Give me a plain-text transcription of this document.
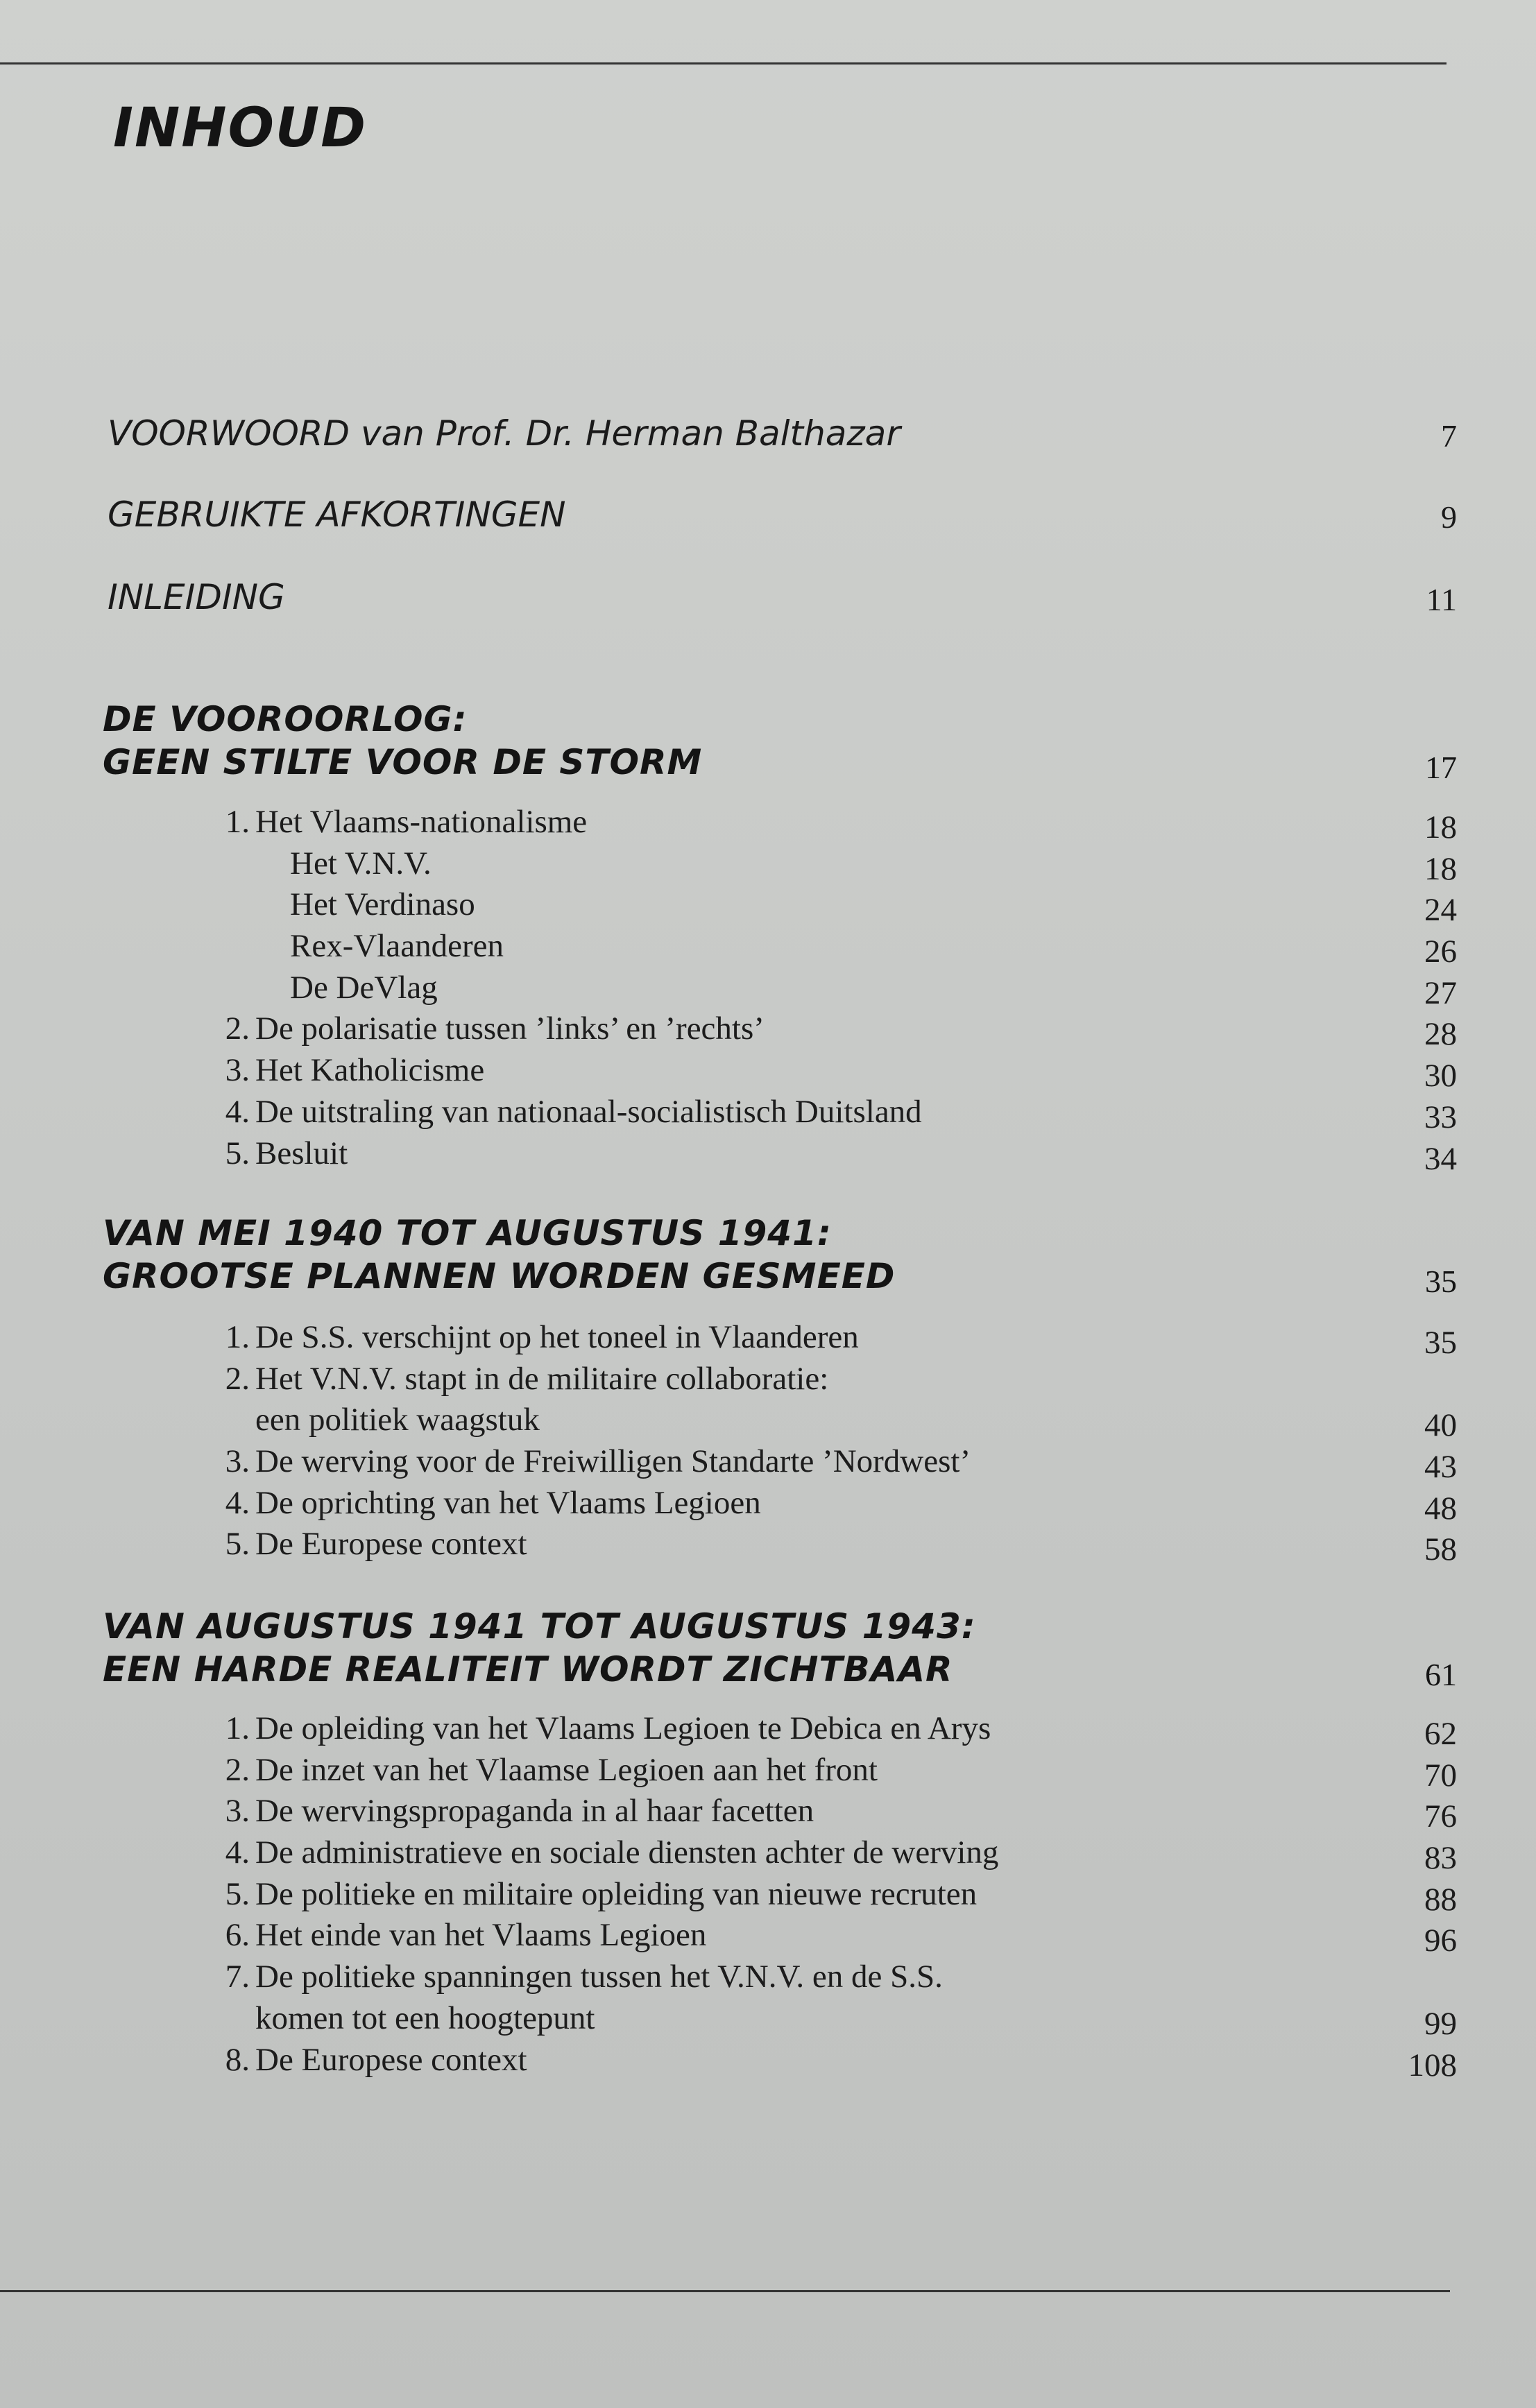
INHOUD
VOORWOORD van Prof. Dr. Herman Balthazar	7
GEBRUIKTE AFKORTINGEN	9
INLEIDING	11
DE VOOROORLOG:
GEEN STILTE VOOR DE STORM	17
1. Het Vlaams-nationalisme	18
Het V.N.V.	18
Het Verdinaso	24
Rex-Vlaanderen	26
De DeVlag	27
2. De polarisatie tussen ’links’ en ’rechts’	28
3. Het Katholicisme	30
4. De uitstraling van nationaal-socialistisch Duitsland	33
5. Besluit	34
VAN MEI 1940 TOT AUGUSTUS 1941:
GROOTSE PLANNEN WORDEN GESMEED	35
1. De S.S. verschijnt op het toneel in Vlaanderen	35
2. Het V.N.V. stapt in de militaire collaboratie:
een politiek waagstuk	40
3. De werving voor de Freiwilligen Standarte ’Nordwest’	43
4. De oprichting van het Vlaams Legioen	48
5. De Europese context	58
VAN AUGUSTUS 1941 TOT AUGUSTUS 1943:
EEN HARDE REALITEIT WORDT ZICHTBAAR	61
1. De opleiding van het Vlaams Legioen te Debica en Arys	62
2. De inzet van het Vlaamse Legioen aan het front	70
3. De wervingspropaganda in al haar facetten	76
4. De administratieve en sociale diensten achter de werving	83
5. De politieke en militaire opleiding van nieuwe recruten	88
6. Het einde van het Vlaams Legioen	96
7. De politieke spanningen tussen het V.N.V. en de S.S.
komen tot een hoogtepunt	99
8. De Europese context	108
